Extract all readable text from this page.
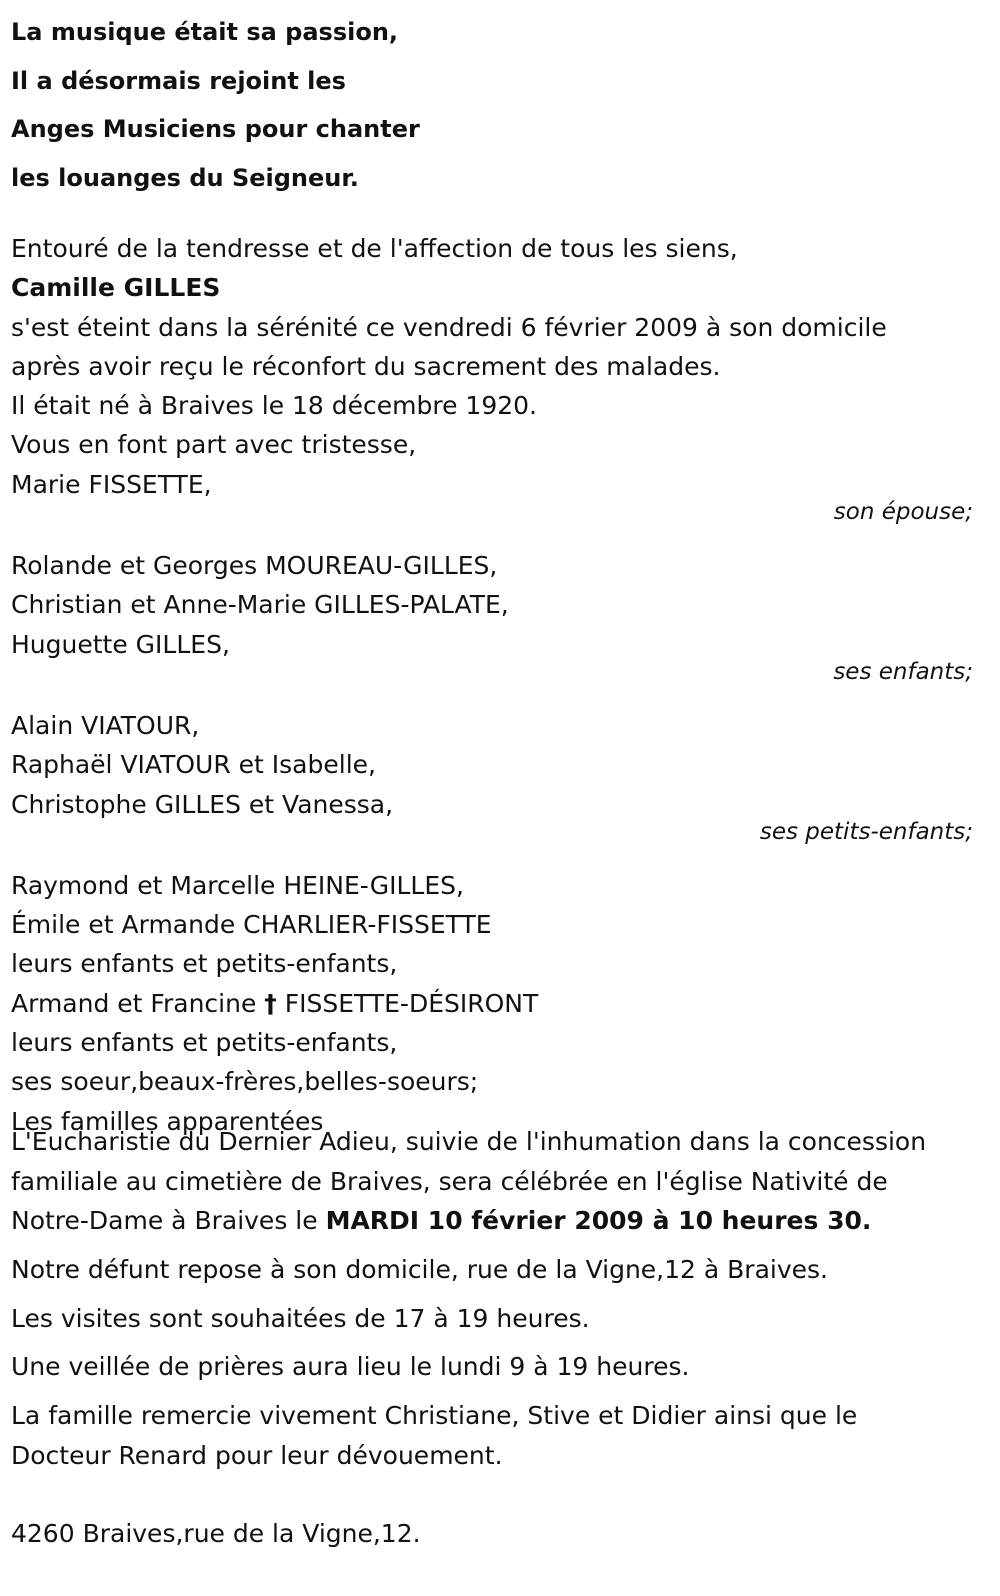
La musique était sa passion,
Il a désormais rejoint les
Anges Musiciens pour chanter
les louanges du Seigneur.
Entouré de la tendresse et de l'affection de tous les siens,
Camille GILLES
s'est éteint dans la sérénité ce vendredi 6 février 2009 à son domicile
après avoir reçu le réconfort du sacrement des malades.
Il était né à Braives le 18 décembre 1920.
Vous en font part avec tristesse,
Marie FISSETTE,
son épouse;
Rolande et Georges MOUREAU-GILLES,
Christian et Anne-Marie GILLES-PALATE,
Huguette GILLES,
ses enfants;
Alain VIATOUR,
Raphaël VIATOUR et Isabelle,
Christophe GILLES et Vanessa,
ses petits-enfants;
Raymond et Marcelle HEINE-GILLES,
Émile et Armande CHARLIER-FISSETTE
leurs enfants et petits-enfants,
Armand et Francine † FISSETTE-DÉSIRONT
leurs enfants et petits-enfants,
ses soeur,beaux-frères,belles-soeurs;
Les familles apparentées
L'Eucharistie du Dernier Adieu, suivie de l'inhumation dans la concession
familiale au cimetière de Braives, sera célébrée en l'église Nativité de
Notre-Dame à Braives le MARDI 10 février 2009 à 10 heures 30.
Notre défunt repose à son domicile, rue de la Vigne,12 à Braives.
Les visites sont souhaitées de 17 à 19 heures.
Une veillée de prières aura lieu le lundi 9 à 19 heures.
La famille remercie vivement Christiane, Stive et Didier ainsi que le
Docteur Renard pour leur dévouement.
4260 Braives,rue de la Vigne,12.
